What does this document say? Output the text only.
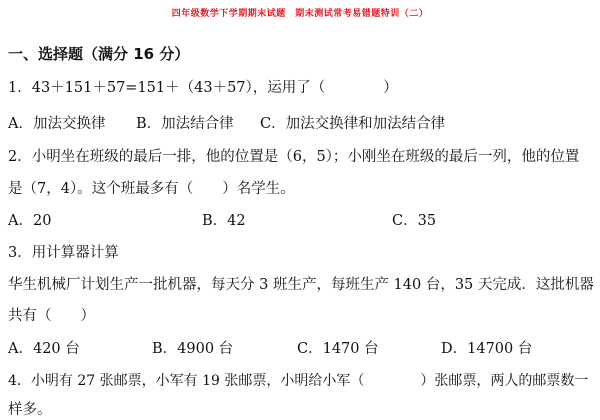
四年级数学下学期期末试题　期末测试常考易错题特训（二）
一、选择题（满分 16 分）
1．43＋151＋57=151＋（43＋57），运用了（　　　　）
A．加法交换律 B．加法结合律 C．加法交换律和加法结合律
2．小明坐在班级的最后一排，他的位置是（6，5）；小刚坐在班级的最后一列，他的位置
是（7，4）。这个班最多有（　　）名学生。
A．20	B．42	C．35
3．用计算器计算
华生机械厂计划生产一批机器，每天分 3 班生产，每班生产 140 台，35 天完成．这批机器
共有（　　）
A．420 台	B．4900 台	C．1470 台	D．14700 台
4．小明有 27 张邮票，小军有 19 张邮票，小明给小军（　　　　）张邮票，两人的邮票数一
样多。
